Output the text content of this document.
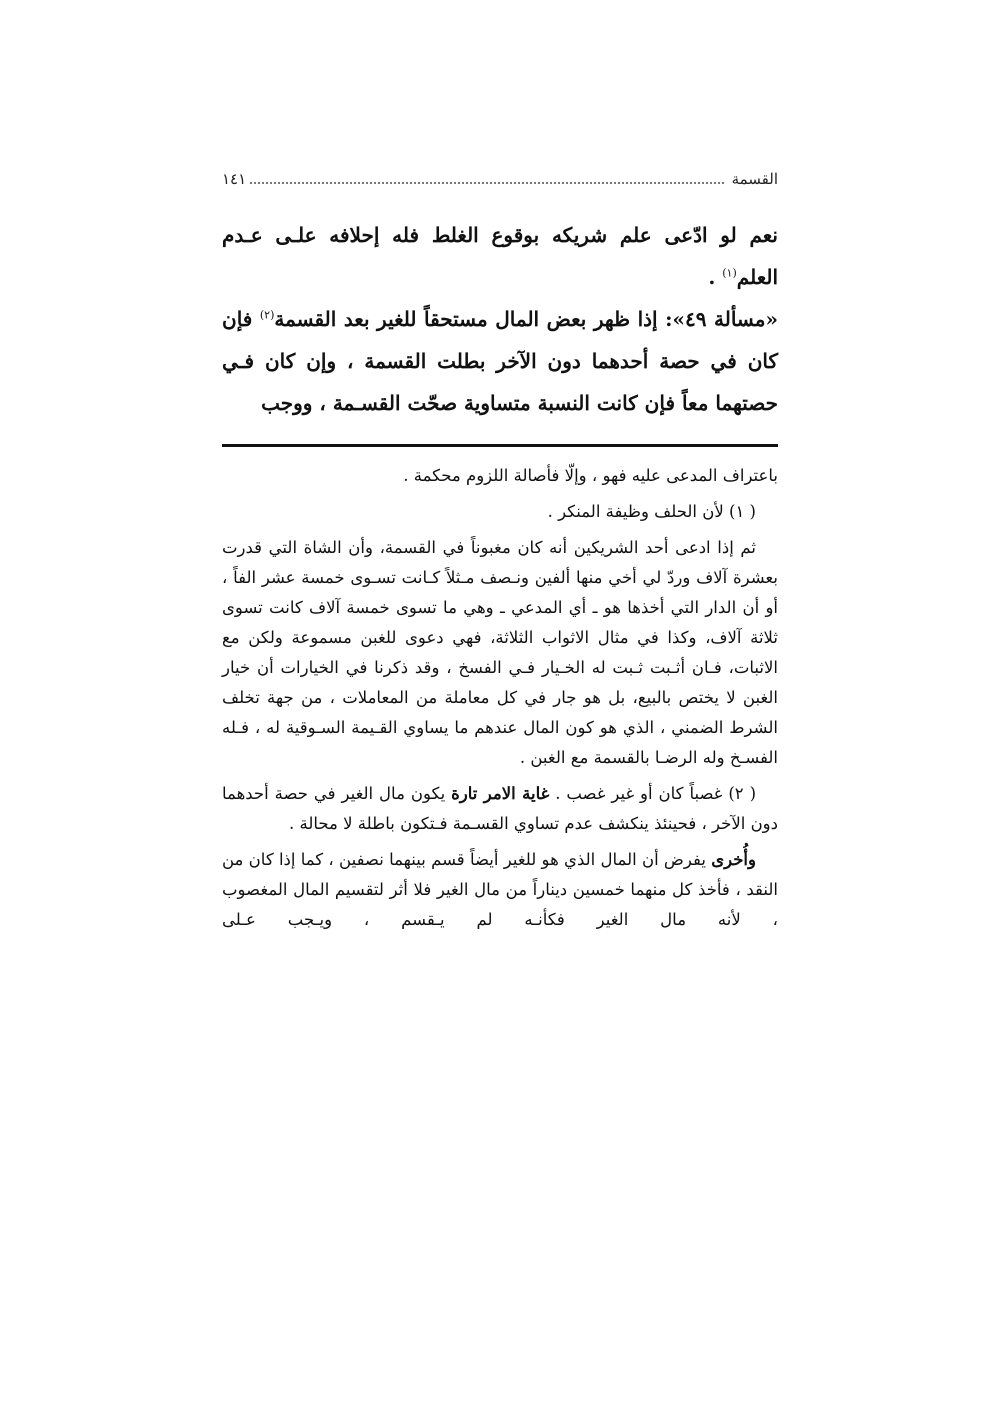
القسمة
١٤١

نعم لو ادّعى علم شريكه بوقوع الغلط فله إحلافه علـى عـدم العلم$^{(١)}$ .

«مسألة ٤٩»: إذا ظهر بعض المال مستحقاً للغير بعد القسمة$^{(٢)}$ فإن كان في حصة أحدهما دون الآخر بطلت القسمة ، وإن كان فـي حصتهما معاً فإن كانت النسبة متساوية صحّت القسـمة ، ووجب

باعتراف المدعى عليه فهو ، وإلّا فأصالة اللزوم محكمة .

( ١) لأن الحلف وظيفة المنكر .

ثم إذا ادعى أحد الشريكين أنه كان مغبوناً في القسمة، وأن الشاة التي قدرت بعشرة آلاف وردّ لي أخي منها ألفين ونـصف مـثلاً كـانت تسـوى خمسة عشر الفاً ، أو أن الدار التي أخذها هو ـ أي المدعي ـ وهي ما تسوى خمسة آلاف كانت تسوى ثلاثة آلاف، وكذا في مثال الاثواب الثلاثة، فهي دعوى للغبن مسموعة ولكن مع الاثبات، فـان أثـبت ثـبت له الخـيار فـي الفسخ ، وقد ذكرنا في الخيارات أن خيار الغبن لا يختص بالبيع، بل هو جار في كل معاملة من المعاملات ، من جهة تخلف الشرط الضمني ، الذي هو كون المال عندهم ما يساوي القـيمة السـوقية له ، فـله الفسـخ وله الرضـا بالقسمة مع الغبن .

( ٢) غصباً كان أو غير غصب . غاية الامر تارة يكون مال الغير في حصة أحدهما دون الآخر ، فحينئذ ينكشف عدم تساوي القسـمة فـتكون باطلة لا محالة .

وأُخرى يفرض أن المال الذي هو للغير أيضاً قسم بينهما نصفين ، كما إذا كان من النقد ، فأخذ كل منهما خمسين ديناراً من مال الغير فلا أثر لتقسيم المال المغصوب ، لأنه مال الغير فكأنـه لم يـقسم ، ويـجب عـلى
